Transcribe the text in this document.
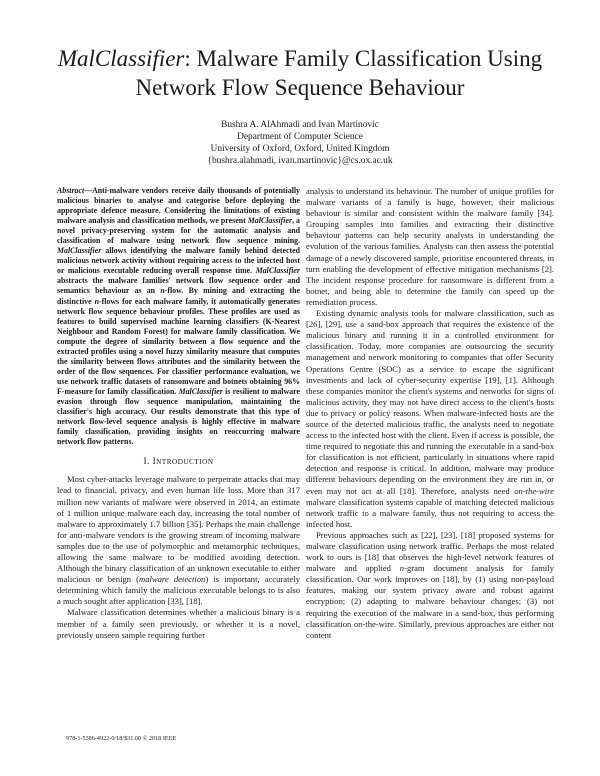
MalClassifier: Malware Family Classification Using
Network Flow Sequence Behaviour
Bushra A. AlAhmadi and Ivan Martinovic
Department of Computer Science
University of Oxford, Oxford, United Kingdom
{bushra.alahmadi, ivan.martinovic}@cs.ox.ac.uk

Abstract—Anti-malware vendors receive daily thousands of potentially malicious binaries to analyse and categorise before deploying the appropriate defence measure. Considering the limitations of existing malware analysis and classification methods, we present MalClassifier, a novel privacy-preserving system for the automatic analysis and classification of malware using network flow sequence mining. MalClassifier allows identifying the malware family behind detected malicious network activity without requiring access to the infected host or malicious executable reducing overall response time. MalClassifier abstracts the malware families' network flow sequence order and semantics behaviour as an n-flow. By mining and extracting the distinctive n-flows for each malware family, it automatically generates network flow sequence behaviour profiles. These profiles are used as features to build supervised machine learning classifiers (K-Nearest Neighbour and Random Forest) for malware family classification. We compute the degree of similarity between a flow sequence and the extracted profiles using a novel fuzzy similarity measure that computes the similarity between flows attributes and the similarity between the order of the flow sequences. For classifier performance evaluation, we use network traffic datasets of ransomware and botnets obtaining 96% F-measure for family classification. MalClassifier is resilient to malware evasion through flow sequence manipulation, maintaining the classifier's high accuracy. Our results demonstrate that this type of network flow-level sequence analysis is highly effective in malware family classification, providing insights on reoccurring malware network flow patterns.

I. INTRODUCTION

Most cyber-attacks leverage malware to perpetrate attacks that may lead to financial, privacy, and even human life loss. More than 317 million new variants of malware were observed in 2014, an estimate of 1 million unique malware each day, increasing the total number of malware to approximately 1.7 billion [35]. Perhaps the main challenge for anti-malware vendors is the growing stream of incoming malware samples due to the use of polymorphic and metamorphic techniques, allowing the same malware to be modified avoiding detection. Although the binary classification of an unknown executable to either malicious or benign (malware detection) is important, accurately determining which family the malicious executable belongs to is also a much sought after application [33], [18].

Malware classification determines whether a malicious binary is a member of a family seen previously, or whether it is a novel, previously unseen sample requiring further

analysis to understand its behaviour. The number of unique profiles for malware variants of a family is huge, however, their malicious behaviour is similar and consistent within the malware family [34]. Grouping samples into families and extracting their distinctive behaviour patterns can help security analysts in understanding the evolution of the various families. Analysts can then assess the potential damage of a newly discovered sample, prioritise encountered threats, in turn enabling the development of effective mitigation mechanisms [2]. The incident response procedure for ransomware is different from a botnet, and being able to determine the family can speed up the remediation process.

Existing dynamic analysis tools for malware classification, such as [26], [29], use a sand-box approach that requires the existence of the malicious binary and running it in a controlled environment for classification. Today, more companies are outsourcing the security management and network monitoring to companies that offer Security Operations Centre (SOC) as a service to escape the significant investments and lack of cyber-security expertise [19], [1]. Although these companies monitor the client's systems and networks for signs of malicious activity, they may not have direct access to the client's hosts due to privacy or policy reasons. When malware-infected hosts are the source of the detected malicious traffic, the analysts need to negotiate access to the infected host with the client. Even if access is possible, the time required to negotiate this and running the executable in a sand-box for classification is not efficient, particularly in situations where rapid detection and response is critical. In addition, malware may produce different behaviours depending on the environment they are run in, or even may not act at all [18]. Therefore, analysts need on-the-wire malware classification systems capable of matching detected malicious network traffic to a malware family, thus not requiring to access the infected host.

Previous approaches such as [22], [23], [18] proposed systems for malware classification using network traffic. Perhaps the most related work to ours is [18] that observes the high-level network features of malware and applied n-gram document analysis for family classification. Our work improves on [18], by (1) using non-payload features, making our system privacy aware and robust against encryption; (2) adapting to malware behaviour changes; (3) not requiring the execution of the malware in a sand-box, thus performing classification on-the-wire. Similarly, previous approaches are either not content

978-1-5386-4922-0/18/$31.00 © 2018 IEEE
